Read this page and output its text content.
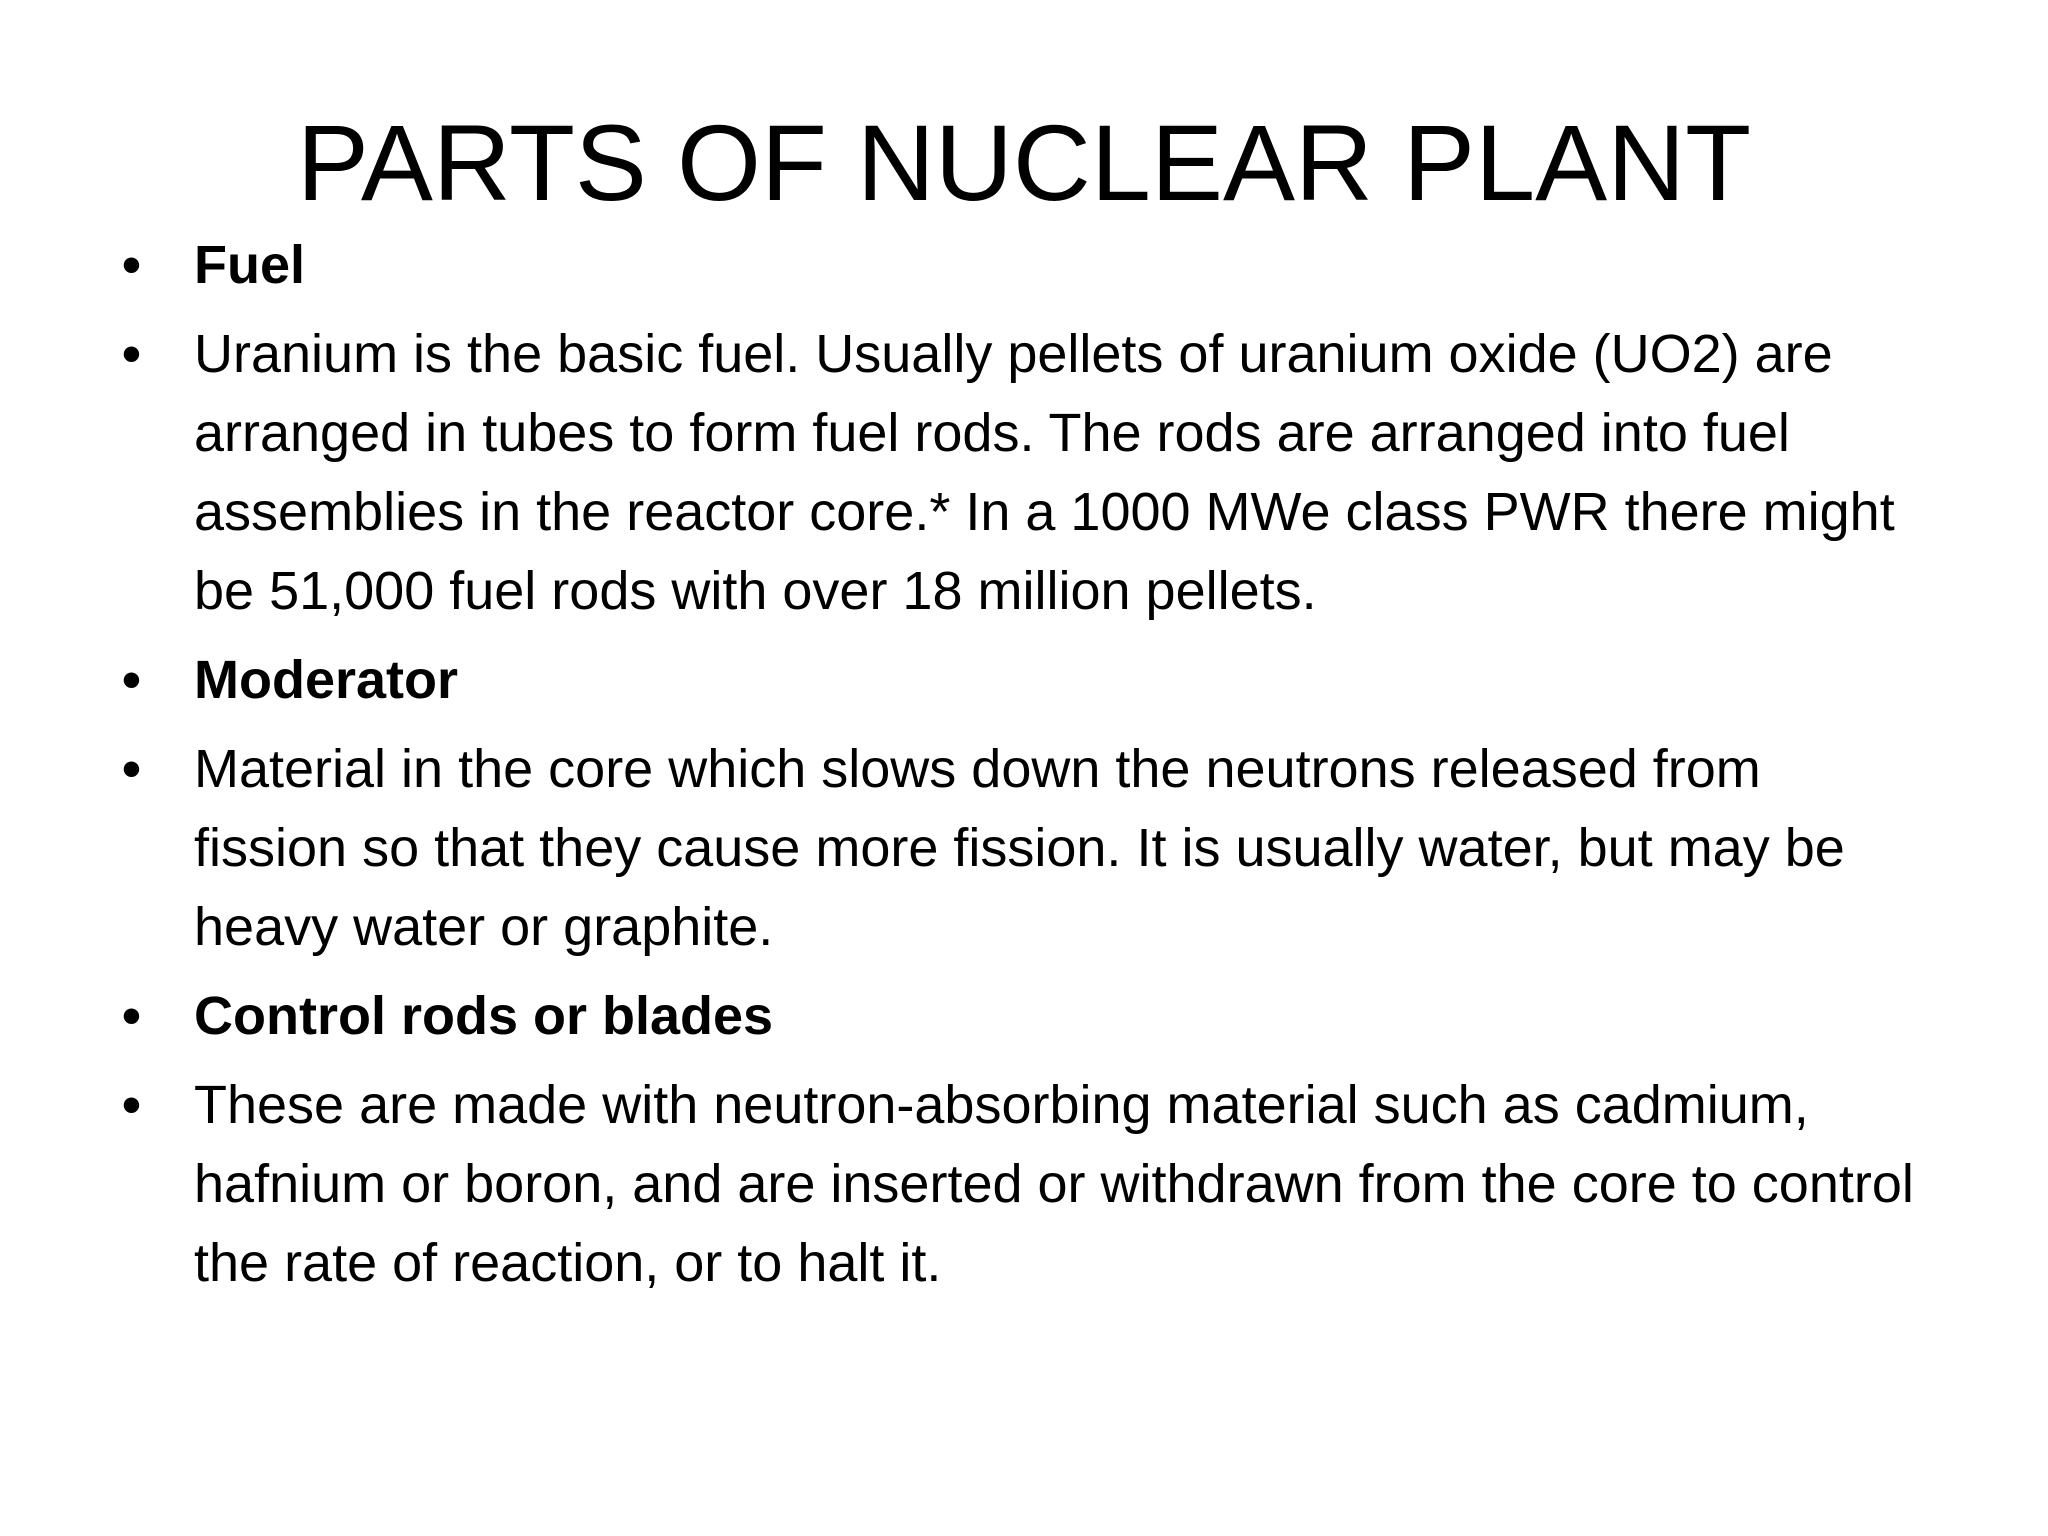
PARTS OF NUCLEAR PLANT
• Fuel
• Uranium is the basic fuel. Usually pellets of uranium oxide (UO2) are arranged in tubes to form fuel rods. The rods are arranged into fuel assemblies in the reactor core.* In a 1000 MWe class PWR there might be 51,000 fuel rods with over 18 million pellets.
• Moderator
• Material in the core which slows down the neutrons released from fission so that they cause more fission. It is usually water, but may be heavy water or graphite.
• Control rods or blades
• These are made with neutron-absorbing material such as cadmium, hafnium or boron, and are inserted or withdrawn from the core to control the rate of reaction, or to halt it.
